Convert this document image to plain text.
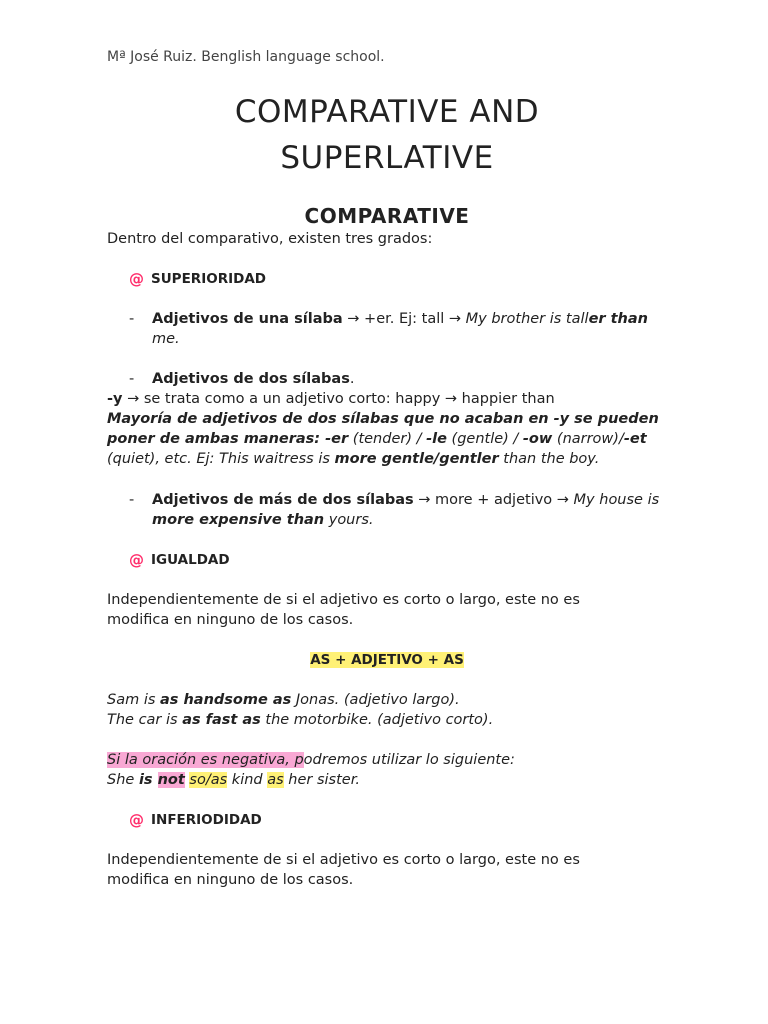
Mª José Ruiz. Benglish language school.

COMPARATIVE AND
SUPERLATIVE
COMPARATIVE

Dentro del comparativo, existen tres grados:

@ SUPERIORIDAD
- Adjetivos de una sílaba → +er. Ej: tall → My brother is taller than
me.
- Adjetivos de dos sílabas.

-y → se trata como a un adjetivo corto: happy → happier than

Mayoría de adjetivos de dos sílabas que no acaban en -y se pueden

poner de ambas maneras: -er (tender) / -le (gentle) / -ow (narrow)/-et

(quiet), etc. Ej: This waitress is more gentle/gentler than the boy.

- Adjetivos de más de dos sílabas → more + adjetivo → My house is
more expensive than yours.
@ IGUALDAD

Independientemente de si el adjetivo es corto o largo, este no es
modifica en ninguno de los casos.

AS + ADJETIVO + AS

Sam is as handsome as Jonas. (adjetivo largo).

The car is as fast as the motorbike. (adjetivo corto).

Si la oración es negativa, podremos utilizar lo siguiente:

She is not so/as kind as her sister.

@ INFERIODIDAD

Independientemente de si el adjetivo es corto o largo, este no es
modifica en ninguno de los casos.
